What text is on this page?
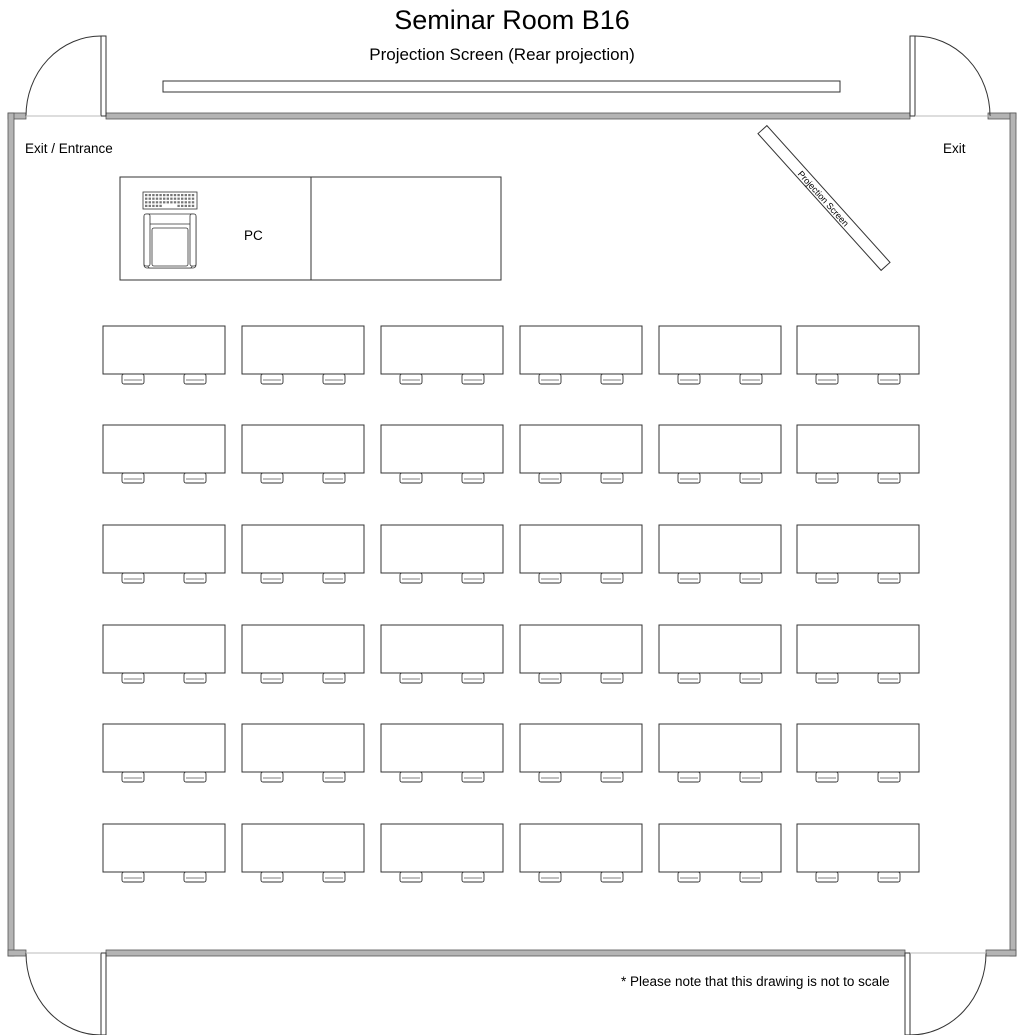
Seminar Room B16
Projection Screen (Rear projection)
Exit / Entrance	Exit
PC
Projection Screen
* Please note that this drawing is not to scale
